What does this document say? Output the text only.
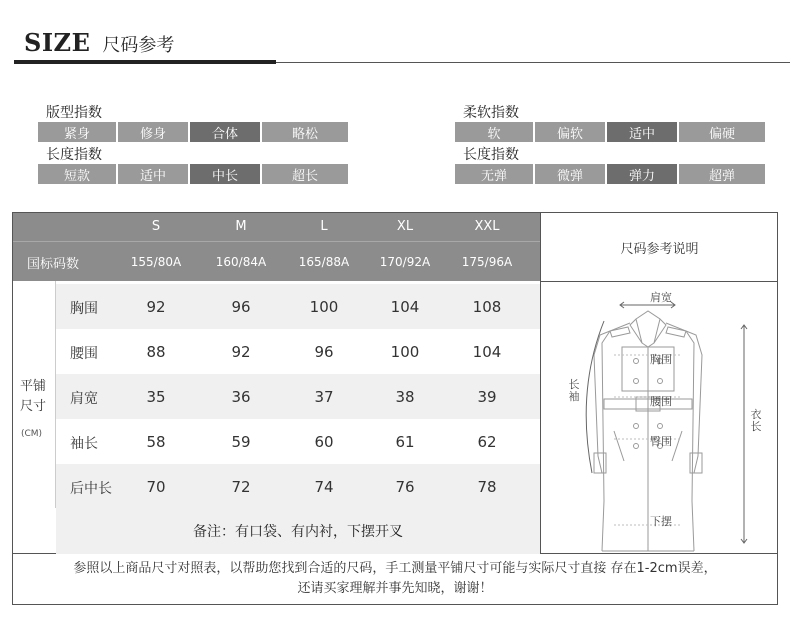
SIZE 尺码参考
版型指数
紧身	修身	合体	略松
长度指数
短款	适中	中长	超长
柔软指数
软	偏软	适中	偏硬
长度指数
无弹	微弹	弹力	超弹
S	M	L	XL	XXL
国标码数	155/80A	160/84A	165/88A	170/92A	175/96A
尺码参考说明
平铺尺寸
(CM)
胸围	92	96	100	104	108
腰围	88	92	96	100	104
肩宽	35	36	37	38	39
袖长	58	59	60	61	62
后中长	70	72	74	76	78
备注：有口袋、有内衬，下摆开叉
肩宽
胸围
腰围
臀围
下摆
长袖
衣长
参照以上商品尺寸对照表，以帮助您找到合适的尺码，手工测量平铺尺寸可能与实际尺寸直接 存在1-2cm误差，
还请买家理解并事先知晓，谢谢！
